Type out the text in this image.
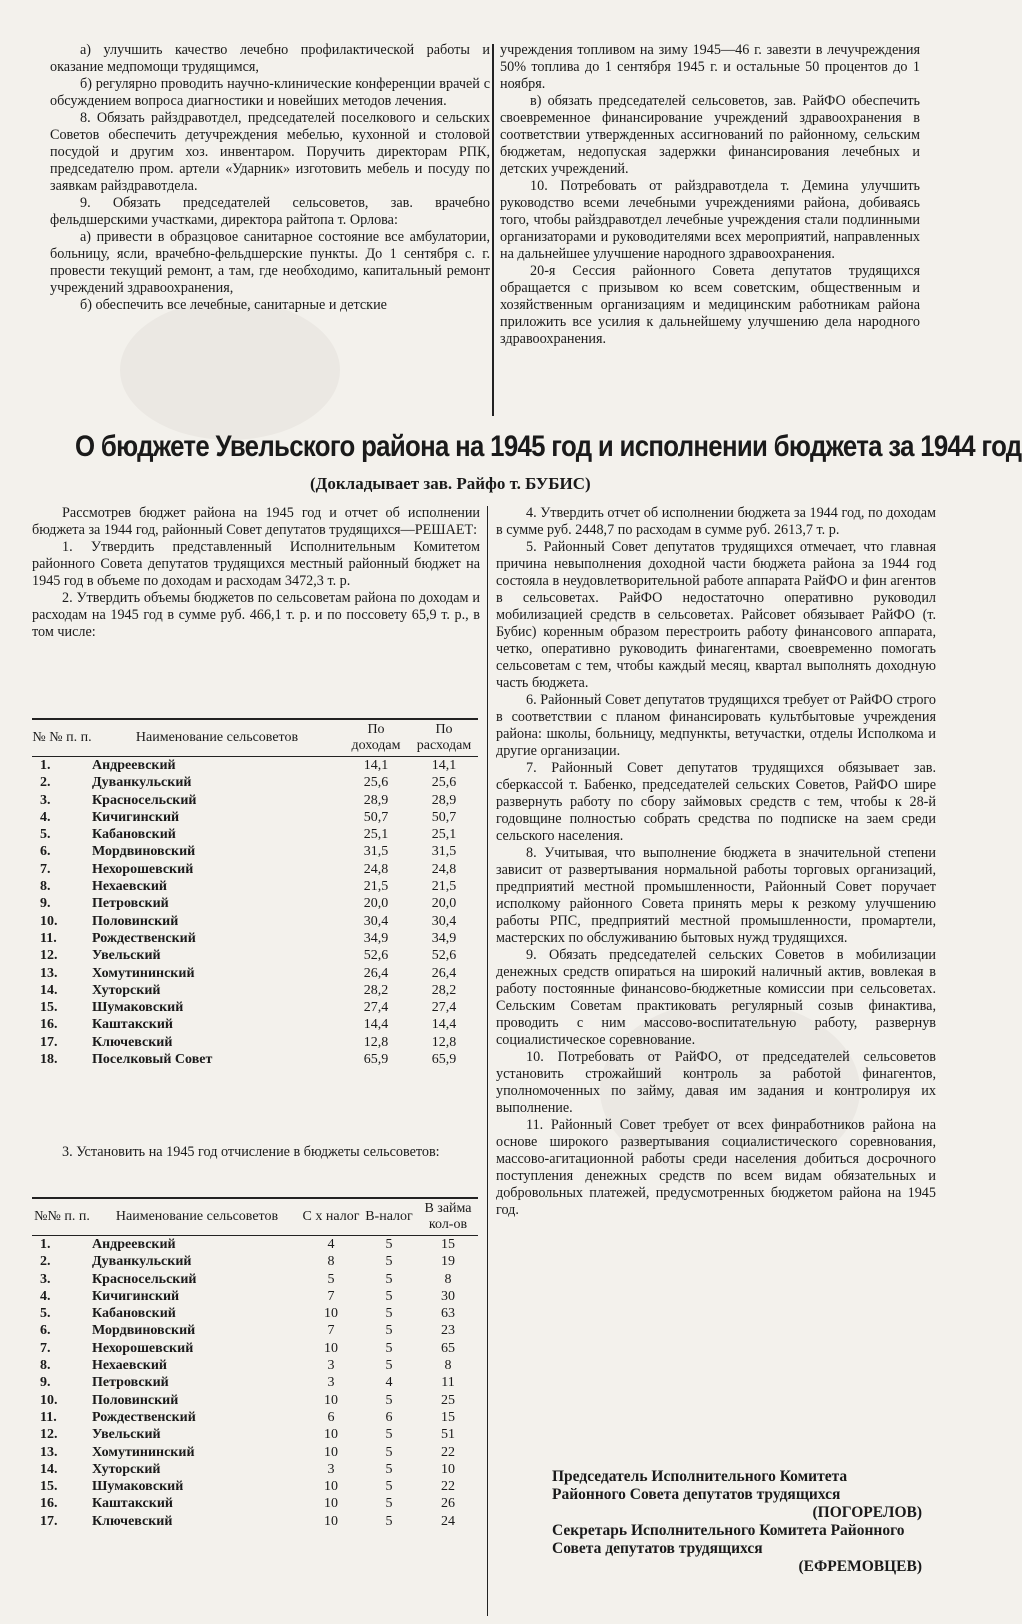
а) улучшить качество лечебно профилактической работы и оказание медпомощи трудящимся,

б) регулярно проводить научно-клинические конференции врачей с обсуждением вопроса диагностики и новейших методов лечения.

8. Обязать райздравотдел, председателей поселкового и сельских Советов обеспечить детучреждения мебелью, кухонной и столовой посудой и другим хоз. инвентаром. Поручить директорам РПК, председателю пром. артели «Ударник» изготовить мебель и посуду по заявкам райздравотдела.

9. Обязать председателей сельсоветов, зав. врачебно фельдшерскими участками, директора райтопа т. Орлова:

а) привести в образцовое санитарное состояние все амбулатории, больницу, ясли, врачебно-фельдшерские пункты. До 1 сентября с. г. провести текущий ремонт, а там, где необходимо, капитальный ремонт учреждений здравоохранения,

б) обеспечить все лечебные, санитарные и детские

учреждения топливом на зиму 1945—46 г. завезти в лечучреждения 50% топлива до 1 сентября 1945 г. и остальные 50 процентов до 1 ноября.

в) обязать председателей сельсоветов, зав. РайФО обеспечить своевременное финансирование учреждений здравоохранения в соответствии утвержденных ассигнований по районному, сельским бюджетам, недопуская задержки финансирования лечебных и детских учреждений.

10. Потребовать от райздравотдела т. Демина улучшить руководство всеми лечебными учреждениями района, добиваясь того, чтобы райздравотдел лечебные учреждения стали подлинными организаторами и руководителями всех мероприятий, направленных на дальнейшее улучшение народного здравоохранения.

20-я Сессия районного Совета депутатов трудящихся обращается с призывом ко всем советским, общественным и хозяйственным организациям и медицинским работникам района приложить все усилия к дальнейшему улучшению дела народного здравоохранения.

О бюджете Увельского района на 1945 год и исполнении бюджета за 1944 год
(Докладывает зав. Райфо т. БУБИС)

Рассмотрев бюджет района на 1945 год и отчет об исполнении бюджета за 1944 год, районный Совет депутатов трудящихся—РЕШАЕТ:

1. Утвердить представленный Исполнительным Комитетом районного Совета депутатов трудящихся местный районный бюджет на 1945 год в объеме по доходам и расходам 3472,3 т. р.

2. Утвердить объемы бюджетов по сельсоветам района по доходам и расходам на 1945 год в сумме руб. 466,1 т. р. и по поссовету 65,9 т. р., в том числе:

№ № п. п.	Наименование сельсоветов	По доходам	По расходам
1.	Андреевский	14,1	14,1
2.	Дуванкульский	25,6	25,6
3.	Красносельский	28,9	28,9
4.	Кичигинский	50,7	50,7
5.	Кабановский	25,1	25,1
6.	Мордвиновский	31,5	31,5
7.	Нехорошевский	24,8	24,8
8.	Нехаевский	21,5	21,5
9.	Петровский	20,0	20,0
10.	Половинский	30,4	30,4
11.	Рождественский	34,9	34,9
12.	Увельский	52,6	52,6
13.	Хомутининский	26,4	26,4
14.	Хуторский	28,2	28,2
15.	Шумаковский	27,4	27,4
16.	Каштакский	14,4	14,4
17.	Ключевский	12,8	12,8
18.	Поселковый Совет	65,9	65,9

3. Установить на 1945 год отчисление в бюджеты сельсоветов:

№№ п. п.	Наименование сельсоветов	С х налог	В-налог	В займа кол-ов
1.	Андреевский	4	5	15
2.	Дуванкульский	8	5	19
3.	Красносельский	5	5	8
4.	Кичигинский	7	5	30
5.	Кабановский	10	5	63
6.	Мордвиновский	7	5	23
7.	Нехорошевский	10	5	65
8.	Нехаевский	3	5	8
9.	Петровский	3	4	11
10.	Половинский	10	5	25
11.	Рождественский	6	6	15
12.	Увельский	10	5	51
13.	Хомутининский	10	5	22
14.	Хуторский	3	5	10
15.	Шумаковский	10	5	22
16.	Каштакский	10	5	26
17.	Ключевский	10	5	24

4. Утвердить отчет об исполнении бюджета за 1944 год, по доходам в сумме руб. 2448,7 по расходам в сумме руб. 2613,7 т. р.

5. Районный Совет депутатов трудящихся отмечает, что главная причина невыполнения доходной части бюджета района за 1944 год состояла в неудовлетворительной работе аппарата РайФО и фин агентов в сельсоветах. РайФО недостаточно оперативно руководил мобилизацией средств в сельсоветах. Райсовет обязывает РайФО (т. Бубис) коренным образом перестроить работу финансового аппарата, четко, оперативно руководить финагентами, своевременно помогать сельсоветам с тем, чтобы каждый месяц, квартал выполнять доходную часть бюджета.

6. Районный Совет депутатов трудящихся требует от РайФО строго в соответствии с планом финансировать культбытовые учреждения района: школы, больницу, медпункты, ветучастки, отделы Исполкома и другие организации.

7. Районный Совет депутатов трудящихся обязывает зав. сберкассой т. Бабенко, председателей сельских Советов, РайФО шире развернуть работу по сбору займовых средств с тем, чтобы к 28-й годовщине полностью собрать средства по подписке на заем среди сельского населения.

8. Учитывая, что выполнение бюджета в значительной степени зависит от развертывания нормальной работы торговых организаций, предприятий местной промышленности, Районный Совет поручает исполкому районного Совета принять меры к резкому улучшению работы РПС, предприятий местной промышленности, промартели, мастерских по обслуживанию бытовых нужд трудящихся.

9. Обязать председателей сельских Советов в мобилизации денежных средств опираться на широкий наличный актив, вовлекая в работу постоянные финансово-бюджетные комиссии при сельсоветах. Сельским Советам практиковать регулярный созыв финактива, проводить с ним массово-воспитательную работу, развернув социалистическое соревнование.

10. Потребовать от РайФО, от председателей сельсоветов установить строжайший контроль за работой финагентов, уполномоченных по займу, давая им задания и контролируя их выполнение.

11. Районный Совет требует от всех финработников района на основе широкого развертывания социалистического соревнования, массово-агитационной работы среди населения добиться досрочного поступления денежных средств по всем видам обязательных и добровольных платежей, предусмотренных бюджетом района на 1945 год.

Председатель Исполнительного Комитета Районного Совета депутатов трудящихся
(ПОГОРЕЛОВ)
Секретарь Исполнительного Комитета Районного Совета депутатов трудящихся
(ЕФРЕМОВЦЕВ)
